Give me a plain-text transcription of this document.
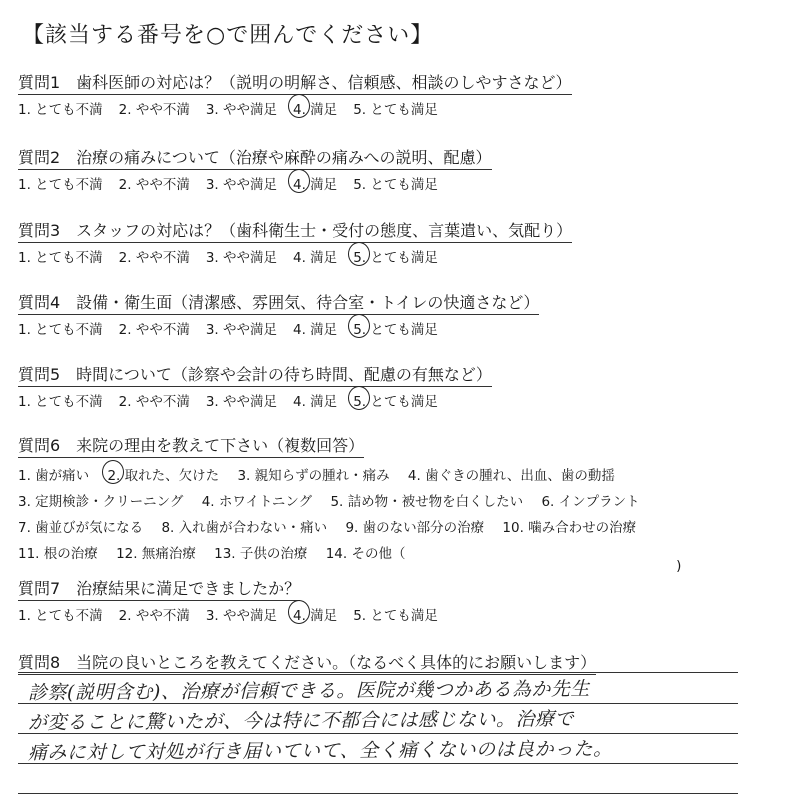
【該当する番号を○で囲んでください】
質問1　歯科医師の対応は？（説明の明解さ、信頼感、相談のしやすさなど）
1. とても不満 2. やや不満 3. やや満足 4. 満足 5. とても満足
質問2　治療の痛みについて（治療や麻酔の痛みへの説明、配慮）
1. とても不満 2. やや不満 3. やや満足 4. 満足 5. とても満足
質問3　スタッフの対応は？（歯科衛生士・受付の態度、言葉遣い、気配り）
1. とても不満 2. やや不満 3. やや満足 4. 満足 5. とても満足
質問4　設備・衛生面（清潔感、雰囲気、待合室・トイレの快適さなど）
1. とても不満 2. やや不満 3. やや満足 4. 満足 5. とても満足
質問5　時間について（診察や会計の待ち時間、配慮の有無など）
1. とても不満 2. やや不満 3. やや満足 4. 満足 5. とても満足
質問6　来院の理由を教えて下さい（複数回答）
1. 歯が痛い 2. 取れた、欠けた 3. 親知らずの腫れ・痛み 4. 歯ぐきの腫れ、出血、歯の動揺
3. 定期検診・クリーニング 4. ホワイトニング 5. 詰め物・被せ物を白くしたい 6. インプラント
7. 歯並びが気になる 8. 入れ歯が合わない・痛い 9. 歯のない部分の治療 10. 噛み合わせの治療
11. 根の治療 12. 無痛治療 13. 子供の治療 14. その他（
)
質問7　治療結果に満足できましたか？
1. とても不満 2. やや不満 3. やや満足 4. 満足 5. とても満足
質問8　当院の良いところを教えてください。（なるべく具体的にお願いします）
診察(説明含む)、治療が信頼できる。医院が幾つかある為か先生
が変ることに驚いたが、今は特に不都合には感じない。治療で
痛みに対して対処が行き届いていて、全く痛くないのは良かった。
